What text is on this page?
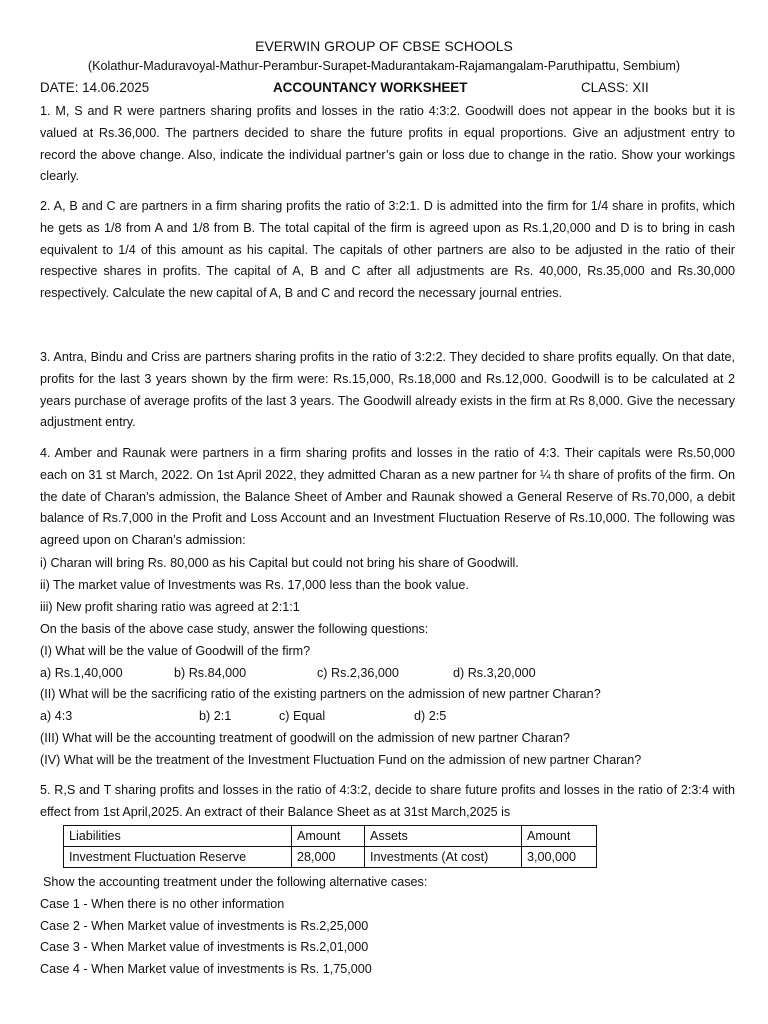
EVERWIN GROUP OF CBSE SCHOOLS
(Kolathur-Maduravoyal-Mathur-Perambur-Surapet-Madurantakam-Rajamangalam-Paruthipattu, Sembium)
DATE: 14.06.2025	ACCOUNTANCY WORKSHEET	CLASS: XII

1. M, S and R were partners sharing profits and losses in the ratio 4:3:2. Goodwill does not appear in the books but it is valued at Rs.36,000. The partners decided to share the future profits in equal proportions. Give an adjustment entry to record the above change. Also, indicate the individual partner’s gain or loss due to change in the ratio. Show your workings clearly.

2. A, B and C are partners in a firm sharing profits the ratio of 3:2:1. D is admitted into the firm for 1/4 share in profits, which he gets as 1/8 from A and 1/8 from B. The total capital of the firm is agreed upon as Rs.1,20,000 and D is to bring in cash equivalent to 1/4 of this amount as his capital. The capitals of other partners are also to be adjusted in the ratio of their respective shares in profits. The capital of A, B and C after all adjustments are Rs. 40,000, Rs.35,000 and Rs.30,000 respectively. Calculate the new capital of A, B and C and record the necessary journal entries.

3. Antra, Bindu and Criss are partners sharing profits in the ratio of 3:2:2. They decided to share profits equally. On that date, profits for the last 3 years shown by the firm were: Rs.15,000, Rs.18,000 and Rs.12,000. Goodwill is to be calculated at 2 years purchase of average profits of the last 3 years. The Goodwill already exists in the firm at Rs 8,000. Give the necessary adjustment entry.

4. Amber and Raunak were partners in a firm sharing profits and losses in the ratio of 4:3. Their capitals were Rs.50,000 each on 31 st March, 2022. On 1st April 2022, they admitted Charan as a new partner for ¼ th share of profits of the firm. On the date of Charan’s admission, the Balance Sheet of Amber and Raunak showed a General Reserve of Rs.70,000, a debit balance of Rs.7,000 in the Profit and Loss Account and an Investment Fluctuation Reserve of Rs.10,000. The following was agreed upon on Charan’s admission:

i) Charan will bring Rs. 80,000 as his Capital but could not bring his share of Goodwill.
ii) The market value of Investments was Rs. 17,000 less than the book value.
iii) New profit sharing ratio was agreed at 2:1:1
On the basis of the above case study, answer the following questions:
(I) What will be the value of Goodwill of the firm?
a) Rs.1,40,000	b) Rs.84,000	c) Rs.2,36,000	d) Rs.3,20,000
(II) What will be the sacrificing ratio of the existing partners on the admission of new partner Charan?
a) 4:3	b) 2:1	c) Equal	d) 2:5
(III) What will be the accounting treatment of goodwill on the admission of new partner Charan?
(IV) What will be the treatment of the Investment Fluctuation Fund on the admission of new partner Charan?

5. R,S and T sharing profits and losses in the ratio of 4:3:2, decide to share future profits and losses in the ratio of 2:3:4 with effect from 1st April,2025. An extract of their Balance Sheet as at 31st March,2025 is

Liabilities	Amount	Assets	Amount
Investment Fluctuation Reserve	28,000	Investments (At cost)	3,00,000
Show the accounting treatment under the following alternative cases:
Case 1 - When there is no other information
Case 2 - When Market value of investments is Rs.2,25,000
Case 3 - When Market value of investments is Rs.2,01,000
Case 4 - When Market value of investments is Rs. 1,75,000
